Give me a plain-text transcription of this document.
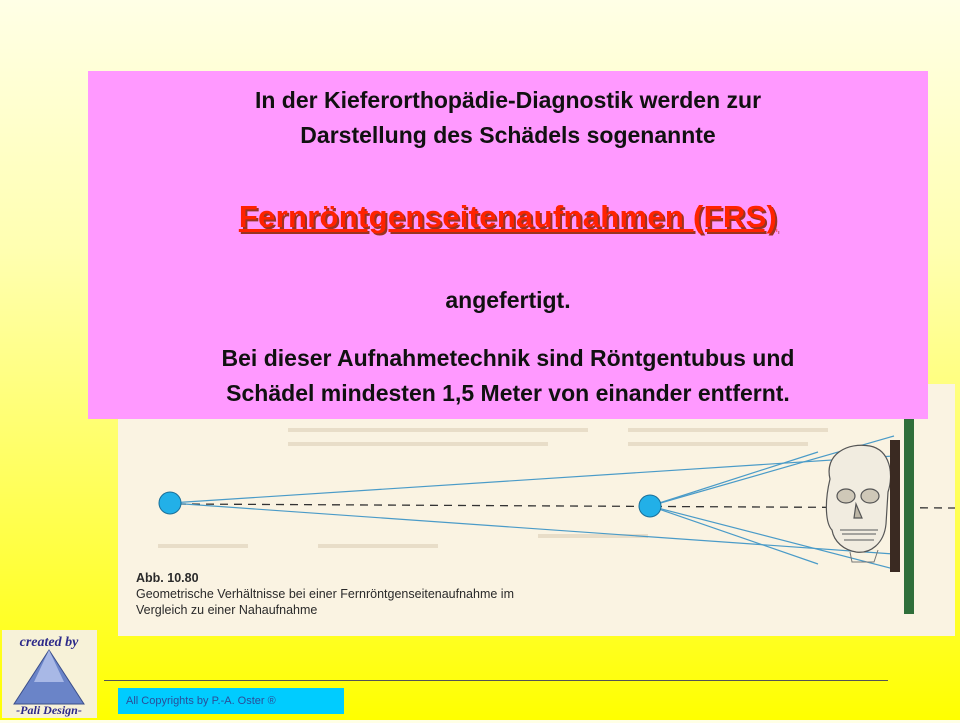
Abb. 10.80
Geometrische Verhältnisse bei einer Fernröntgenseitenaufnahme im
Vergleich zu einer Nahaufnahme
In der Kieferorthopädie-Diagnostik werden zur
Darstellung des Schädels sogenannte
Fernröntgenseitenaufnahmen (FRS)
angefertigt.
Bei dieser Aufnahmetechnik sind Röntgentubus und
Schädel mindesten 1,5 Meter von einander entfernt.
created by
-Pali Design-
All Copyrights by P.-A. Oster ®
